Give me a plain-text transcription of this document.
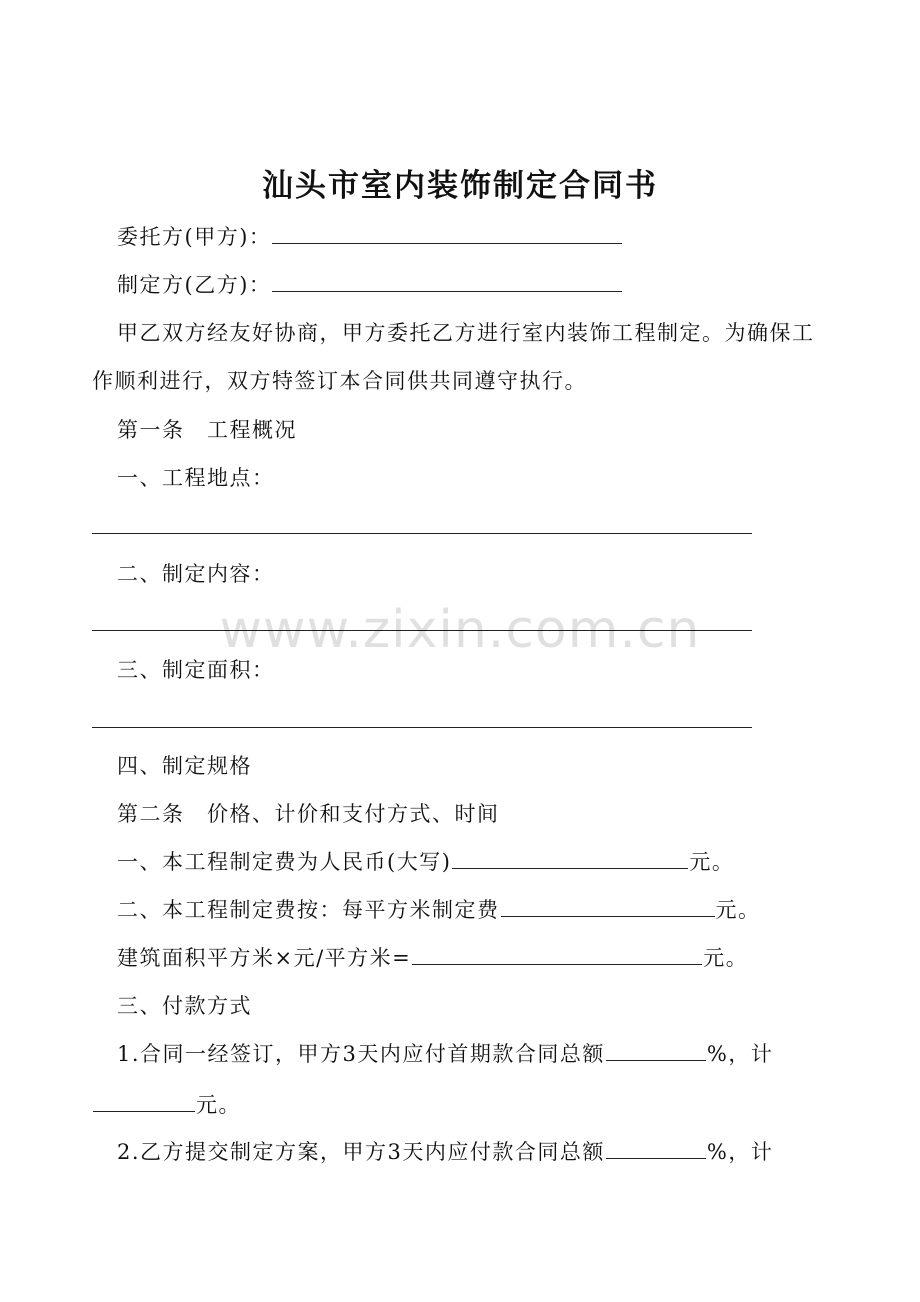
汕头市室内装饰制定合同书
委托方(甲方)：
制定方(乙方)：
甲乙双方经友好协商，甲方委托乙方进行室内装饰工程制定。为确保工
作顺利进行，双方特签订本合同供共同遵守执行。
第一条　工程概况
一、工程地点：
二、制定内容：
三、制定面积：
四、制定规格
第二条　价格、计价和支付方式、时间
一、本工程制定费为人民币(大写)	元。
二、本工程制定费按：每平方米制定费	元。
建筑面积平方米×元/平方米=	元。
三、付款方式
1.合同一经签订，甲方3天内应付首期款合同总额	%，计
元。
2.乙方提交制定方案，甲方3天内应付款合同总额	%，计
www.zixin.com.cn
